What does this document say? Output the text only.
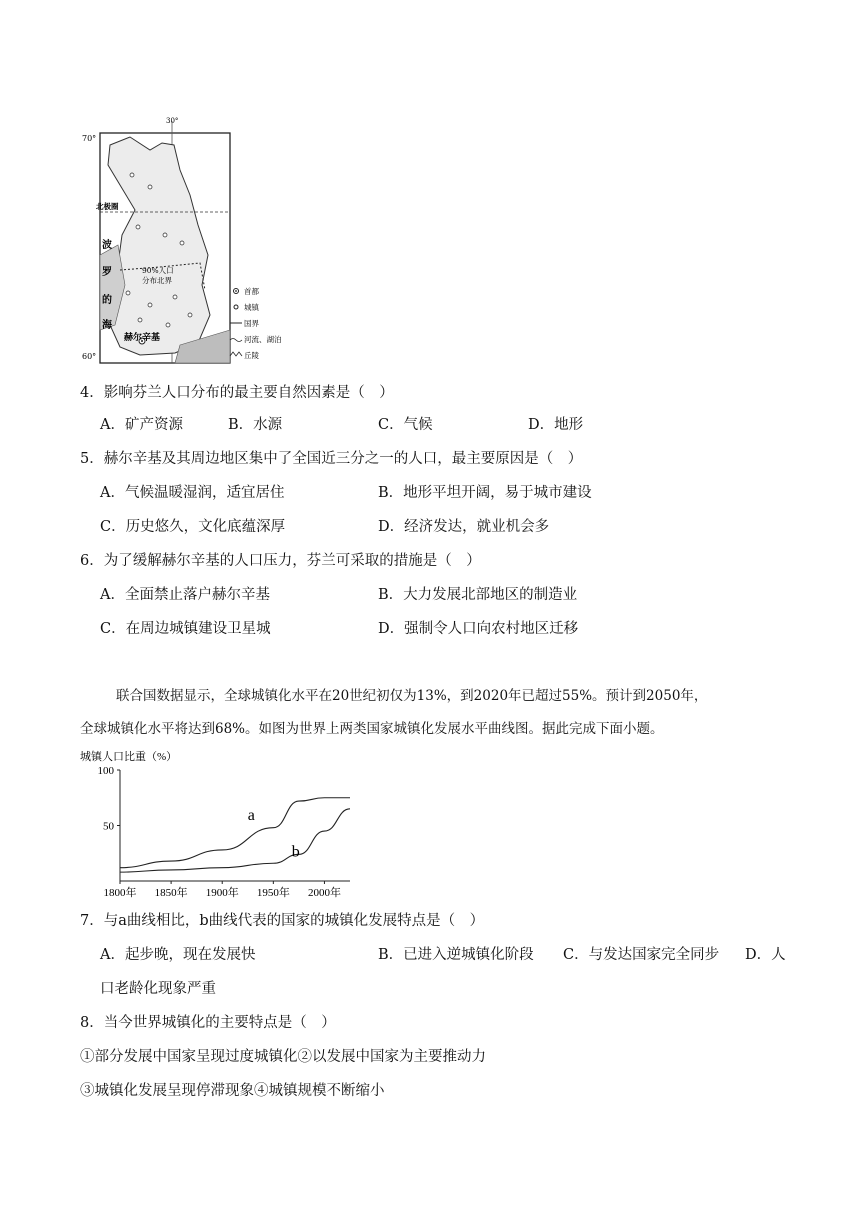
30°
70°
60°
北极圈
90%人口
分布北界
波
罗
的
海
赫尔辛基
首都
城镇
国界
河流、湖泊
丘陵
4．影响芬兰人口分布的最主要自然因素是（　）
A．矿产资源	B．水源	C．气候	D．地形
5．赫尔辛基及其周边地区集中了全国近三分之一的人口，最主要原因是（　）
A．气候温暖湿润，适宜居住	B．地形平坦开阔，易于城市建设
C．历史悠久，文化底蕴深厚	D．经济发达，就业机会多
6．为了缓解赫尔辛基的人口压力，芬兰可采取的措施是（　）
A．全面禁止落户赫尔辛基	B．大力发展北部地区的制造业
C．在周边城镇建设卫星城	D．强制令人口向农村地区迁移
联合国数据显示，全球城镇化水平在20世纪初仅为13%，到2020年已超过55%。预计到2050年，
全球城镇化水平将达到68%。如图为世界上两类国家城镇化发展水平曲线图。据此完成下面小题。
城镇人口比重（%）
1800年 1850年 1900年 1950年 2000年
100
50
a
b
7．与a曲线相比，b曲线代表的国家的城镇化发展特点是（　）
A．起步晚，现在发展快	B．已进入逆城镇化阶段 C．与发达国家完全同步 D．人
口老龄化现象严重
8．当今世界城镇化的主要特点是（　）
①部分发展中国家呈现过度城镇化②以发展中国家为主要推动力
③城镇化发展呈现停滞现象④城镇规模不断缩小
